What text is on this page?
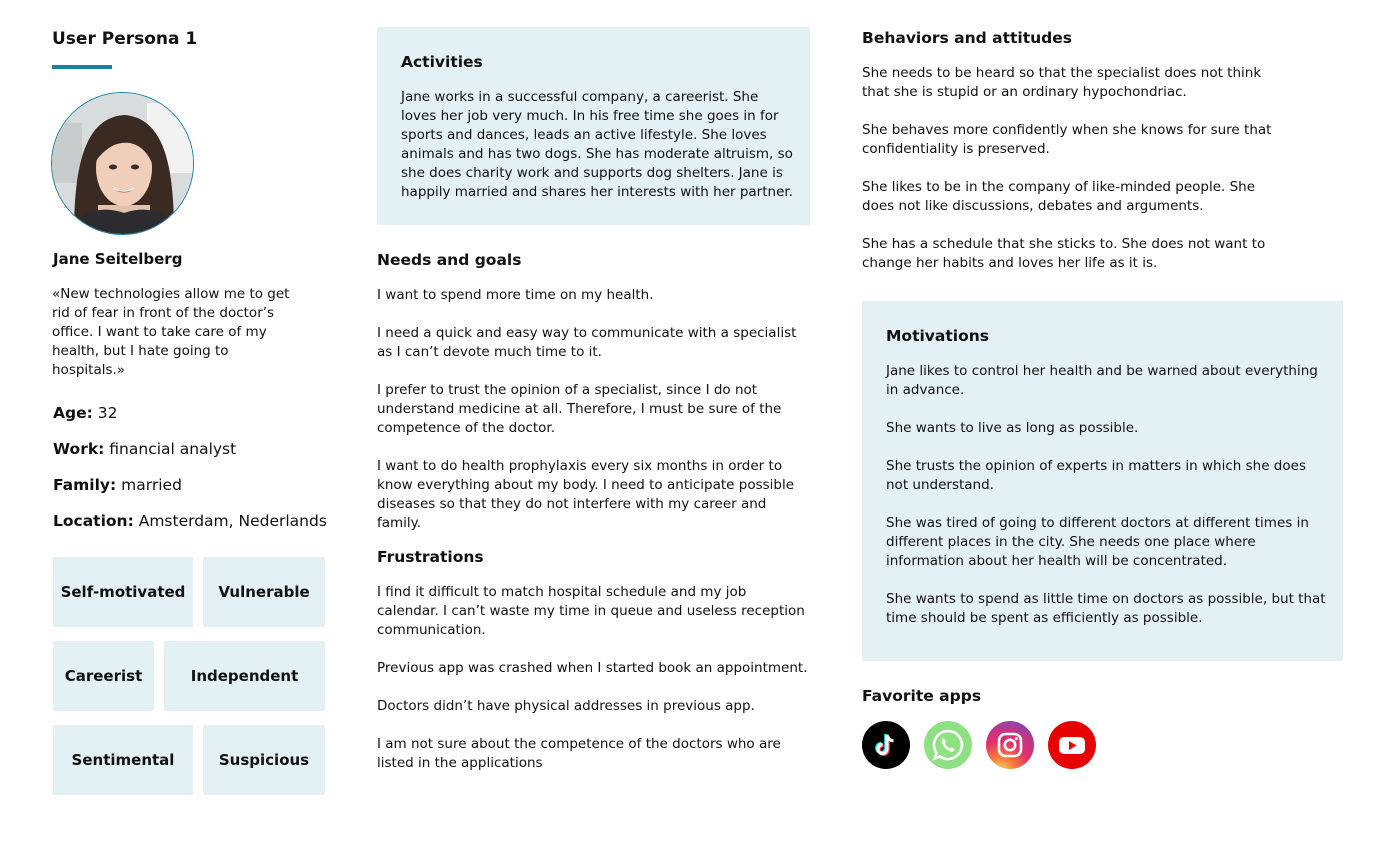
User Persona 1
Jane Seitelberg
«New technologies allow me to get rid of fear in front of the doctor’s office. I want to take care of my health, but I hate going to hospitals.»
Age: 32
Work: financial analyst
Family: married
Location: Amsterdam, Nederlands
Self-motivated	Vulnerable
Careerist	Independent
Sentimental	Suspicious
Activities
Jane works in a successful company, a careerist. She loves her job very much. In his free time she goes in for sports and dances, leads an active lifestyle. She loves animals and has two dogs. She has moderate altruism, so she does charity work and supports dog shelters. Jane is happily married and shares her interests with her partner.
Needs and goals
I want to spend more time on my health.
I need a quick and easy way to communicate with a specialist as I can’t devote much time to it.
I prefer to trust the opinion of a specialist, since I do not understand medicine at all. Therefore, I must be sure of the competence of the doctor.
I want to do health prophylaxis every six months in order to know everything about my body. I need to anticipate possible diseases so that they do not interfere with my career and family.
Frustrations
I find it difficult to match hospital schedule and my job calendar. I can’t waste my time in queue and useless reception communication.
Previous app was crashed when I started book an appointment.
Doctors didn’t have physical addresses in previous app.
I am not sure about the competence of the doctors who are listed in the applications
Behaviors and attitudes
She needs to be heard so that the specialist does not think that she is stupid or an ordinary hypochondriac.
She behaves more confidently when she knows for sure that confidentiality is preserved.
She likes to be in the company of like-minded people. She does not like discussions, debates and arguments.
She has a schedule that she sticks to. She does not want to change her habits and loves her life as it is.
Motivations
Jane likes to control her health and be warned about everything in advance.
She wants to live as long as possible.
She trusts the opinion of experts in matters in which she does not understand.
She was tired of going to different doctors at different times in different places in the city. She needs one place where information about her health will be concentrated.
She wants to spend as little time on doctors as possible, but that time should be spent as efficiently as possible.
Favorite apps
